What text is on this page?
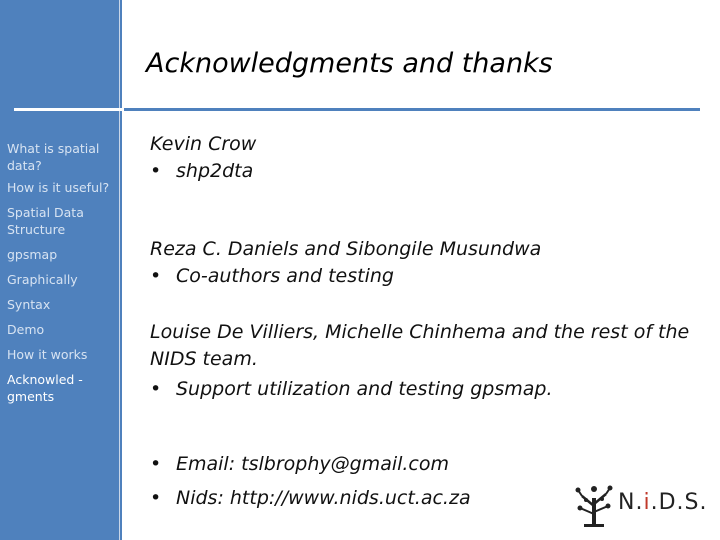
Acknowledgments and thanks
What is spatial data?
How is it useful?
Spatial Data Structure
gpsmap
Graphically
Syntax
Demo
How it works
Acknowled - gments
Kevin Crow
• shp2dta
Reza C. Daniels and Sibongile Musundwa
• Co-authors and testing
Louise De Villiers, Michelle Chinhema and the rest of the
NIDS team.
• Support utilization and testing gpsmap.
• Email: tslbrophy@gmail.com
• Nids: http://www.nids.uct.ac.za	N.i.D.S.
